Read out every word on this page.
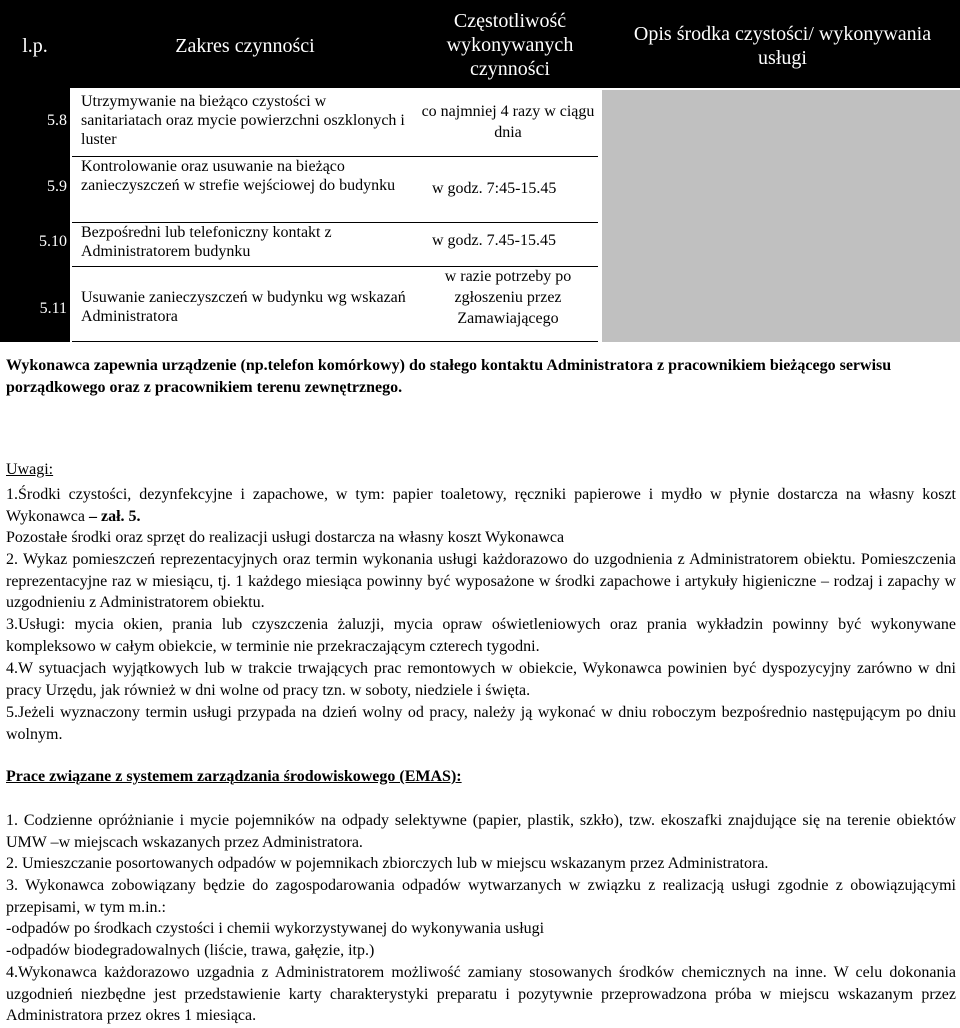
l.p.	Zakres czynności
Częstotliwość wykonywanych czynności
Opis środka czystości/ wykonywania usługi
5.8
5.9
5.10
5.11
Utrzymywanie na bieżąco czystości w sanitariatach oraz mycie powierzchni oszklonych i luster
Kontrolowanie oraz usuwanie na bieżąco zanieczyszczeń w strefie wejściowej do budynku
Bezpośredni lub telefoniczny kontakt z Administratorem budynku
Usuwanie zanieczyszczeń w budynku wg wskazań Administratora
co najmniej 4 razy w ciągu dnia
w godz. 7:45-15.45
w godz. 7.45-15.45
w razie potrzeby po zgłoszeniu przez Zamawiającego
Wykonawca zapewnia urządzenie (np.telefon komórkowy) do stałego kontaktu Administratora z pracownikiem bieżącego serwisu porządkowego oraz z pracownikiem terenu zewnętrznego.
Uwagi:
1.Środki czystości, dezynfekcyjne i zapachowe, w tym: papier toaletowy, ręczniki papierowe i mydło w płynie dostarcza na własny koszt Wykonawca – zał. 5.
Pozostałe środki oraz sprzęt do realizacji usługi dostarcza na własny koszt Wykonawca
2. Wykaz pomieszczeń reprezentacyjnych oraz termin wykonania usługi każdorazowo do uzgodnienia z Administratorem obiektu. Pomieszczenia reprezentacyjne raz w miesiącu, tj. 1 każdego miesiąca powinny być wyposażone w środki zapachowe i artykuły higieniczne – rodzaj i zapachy w uzgodnieniu z Administratorem obiektu.
3.Usługi: mycia okien, prania lub czyszczenia żaluzji, mycia opraw oświetleniowych oraz prania wykładzin powinny być wykonywane kompleksowo w całym obiekcie, w terminie nie przekraczającym czterech tygodni.
4.W sytuacjach wyjątkowych lub w trakcie trwających prac remontowych w obiekcie, Wykonawca powinien być dyspozycyjny zarówno w dni pracy Urzędu, jak również w dni wolne od pracy tzn. w soboty, niedziele i święta.
5.Jeżeli wyznaczony termin usługi przypada na dzień wolny od pracy, należy ją wykonać w dniu roboczym bezpośrednio następującym po dniu wolnym.
Prace związane z systemem zarządzania środowiskowego (EMAS):
1. Codzienne opróżnianie i mycie pojemników na odpady selektywne (papier, plastik, szkło), tzw. ekoszafki znajdujące się na terenie obiektów UMW –w miejscach wskazanych przez Administratora.
2. Umieszczanie posortowanych odpadów w pojemnikach zbiorczych lub w miejscu wskazanym przez Administratora.
3. Wykonawca zobowiązany będzie do zagospodarowania odpadów wytwarzanych w związku z realizacją usługi zgodnie z obowiązującymi przepisami, w tym m.in.:
-odpadów po środkach czystości i chemii wykorzystywanej do wykonywania usługi
-odpadów biodegradowalnych (liście, trawa, gałęzie, itp.)
4.Wykonawca każdorazowo uzgadnia z Administratorem możliwość zamiany stosowanych środków chemicznych na inne. W celu dokonania uzgodnień niezbędne jest przedstawienie karty charakterystyki preparatu i pozytywnie przeprowadzona próba w miejscu wskazanym przez Administratora przez okres 1 miesiąca.
